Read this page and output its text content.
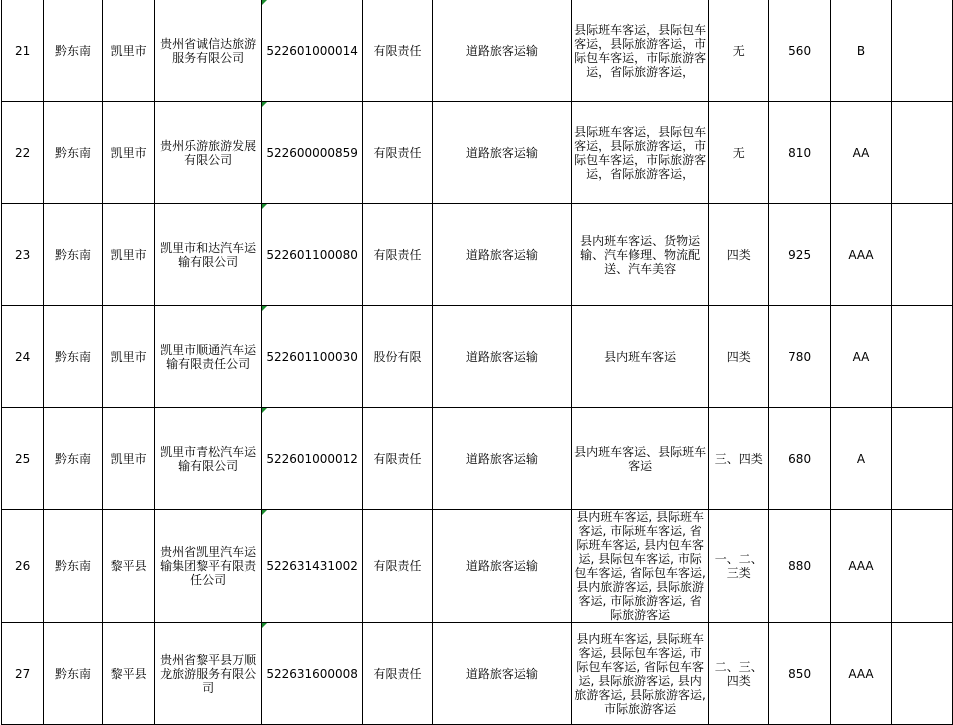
21	黔东南	凯里市	贵州省诚信达旅游服务有限公司	522601000014	有限责任	道路旅客运输	县际班车客运，县际包车客运，县际旅游客运，市际包车客运，市际旅游客运，省际旅游客运，	无	560	B	
22	黔东南	凯里市	贵州乐游旅游发展有限公司	522600000859	有限责任	道路旅客运输	县际班车客运，县际包车客运，县际旅游客运，市际包车客运，市际旅游客运，省际旅游客运，	无	810	AA	
23	黔东南	凯里市	凯里市和达汽车运输有限公司	522601100080	有限责任	道路旅客运输	县内班车客运、货物运输、汽车修理、物流配送、汽车美容	四类	925	AAA	
24	黔东南	凯里市	凯里市顺通汽车运输有限责任公司	522601100030	股份有限	道路旅客运输	县内班车客运	四类	780	AA	
25	黔东南	凯里市	凯里市青松汽车运输有限公司	522601000012	有限责任	道路旅客运输	县内班车客运、县际班车客运	三、四类	680	A	
26	黔东南	黎平县	贵州省凯里汽车运输集团黎平有限责任公司	522631431002	有限责任	道路旅客运输	县内班车客运, 县际班车客运, 市际班车客运, 省际班车客运, 县内包车客运, 县际包车客运, 市际包车客运, 省际包车客运, 县内旅游客运, 县际旅游客运, 市际旅游客运, 省际旅游客运	一、二、三类	880	AAA	
27	黔东南	黎平县	贵州省黎平县万顺龙旅游服务有限公司	522631600008	有限责任	道路旅客运输	县内班车客运, 县际班车客运, 县际包车客运, 市际包车客运, 省际包车客运, 县际旅游客运, 县内旅游客运, 县际旅游客运, 市际旅游客运	二、三、四类	850	AAA	
